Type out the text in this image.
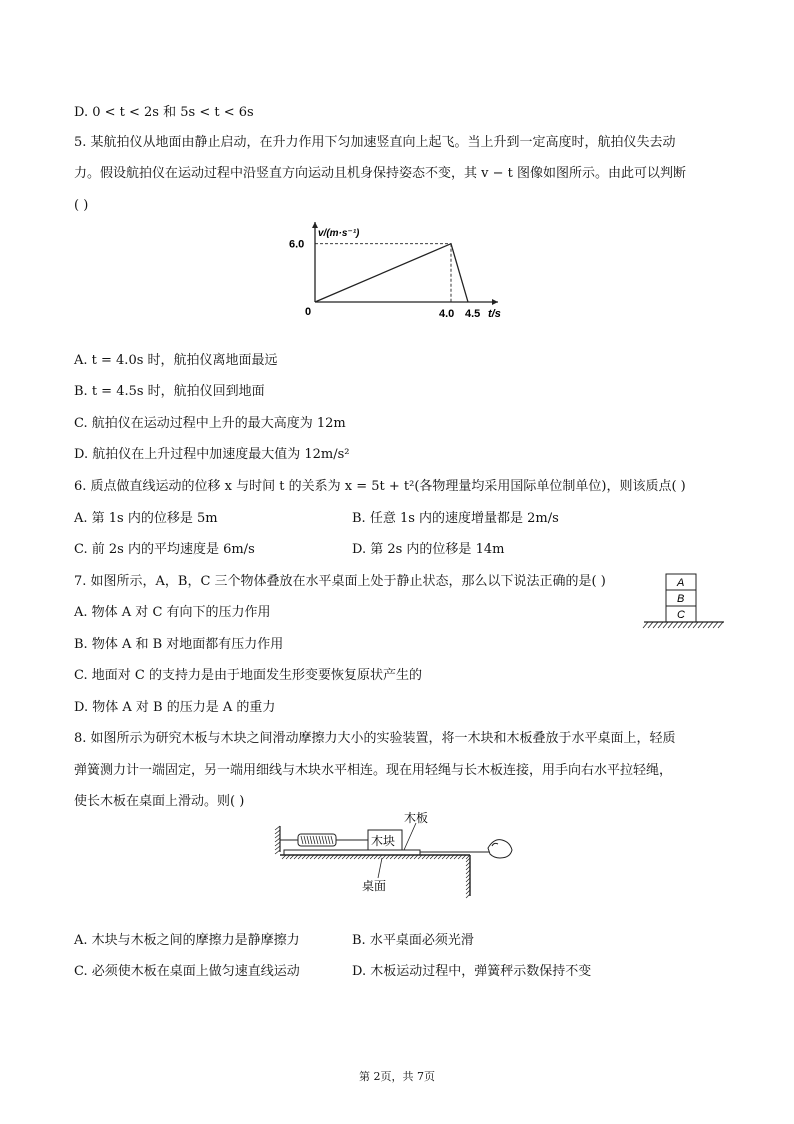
D. 0 < t < 2s 和 5s < t < 6s
5. 某航拍仪从地面由静止启动，在升力作用下匀加速竖直向上起飞。当上升到一定高度时，航拍仪失去动
力。假设航拍仪在运动过程中沿竖直方向运动且机身保持姿态不变，其 v − t 图像如图所示。由此可以判断
( )
v/(m·s⁻¹)
t/s
0
6.0
4.0 4.5
A. t = 4.0s 时，航拍仪离地面最远
B. t = 4.5s 时，航拍仪回到地面
C. 航拍仪在运动过程中上升的最大高度为 12m
D. 航拍仪在上升过程中加速度最大值为 12m/s²
6. 质点做直线运动的位移 x 与时间 t 的关系为 x = 5t + t²(各物理量均采用国际单位制单位)，则该质点( )
A. 第 1s 内的位移是 5m	B. 任意 1s 内的速度增量都是 2m/s
C. 前 2s 内的平均速度是 6m/s	D. 第 2s 内的位移是 14m
7. 如图所示，A，B，C 三个物体叠放在水平桌面上处于静止状态，那么以下说法正确的是( )
A. 物体 A 对 C 有向下的压力作用
B. 物体 A 和 B 对地面都有压力作用
C. 地面对 C 的支持力是由于地面发生形变要恢复原状产生的
D. 物体 A 对 B 的压力是 A 的重力
A
B
C
8. 如图所示为研究木板与木块之间滑动摩擦力大小的实验装置，将一木块和木板叠放于水平桌面上，轻质
弹簧测力计一端固定，另一端用细线与木块水平相连。现在用轻绳与长木板连接，用手向右水平拉轻绳，
使长木板在桌面上滑动。则( )
木块
木板
桌面
A. 木块与木板之间的摩擦力是静摩擦力	B. 水平桌面必须光滑
C. 必须使木板在桌面上做匀速直线运动	D. 木板运动过程中，弹簧秤示数保持不变
第 2页，共 7页
